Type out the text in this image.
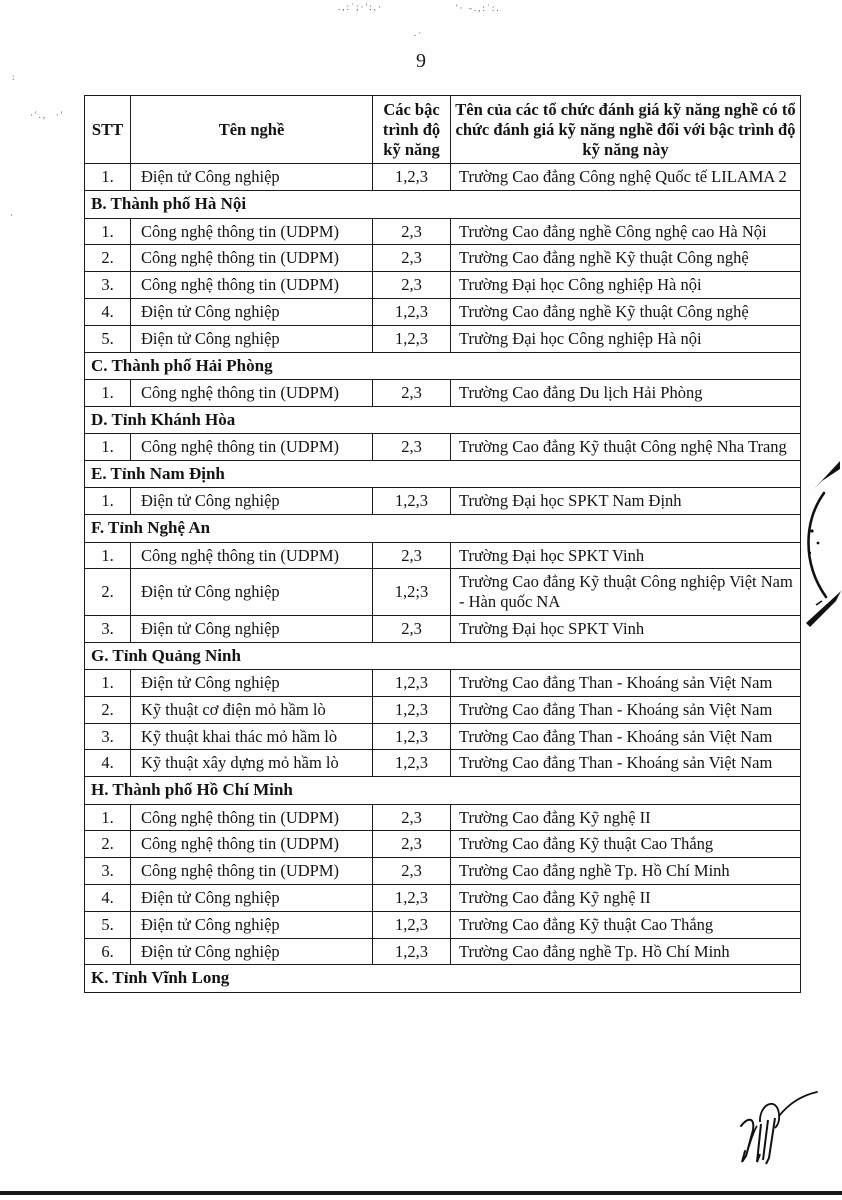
.,:˙;·':,·	'· -.,:˙:.
.·
·'.,  ·'
:
·
9
STT	Tên nghề	Các bậc trình độ kỹ năng	Tên của các tổ chức đánh giá kỹ năng nghề có tổ chức đánh giá kỹ năng nghề đối với bậc trình độ kỹ năng này
1.	Điện tử Công nghiệp	1,2,3	Trường Cao đẳng Công nghệ Quốc tế LILAMA 2
B. Thành phố Hà Nội			
1.	Công nghệ thông tin (UDPM)	2,3	Trường Cao đẳng nghề Công nghệ cao Hà Nội
2.	Công nghệ thông tin (UDPM)	2,3	Trường Cao đẳng nghề Kỹ thuật Công nghệ
3.	Công nghệ thông tin (UDPM)	2,3	Trường Đại học Công nghiệp Hà nội
4.	Điện tử Công nghiệp	1,2,3	Trường Cao đẳng nghề Kỹ thuật Công nghệ
5.	Điện tử Công nghiệp	1,2,3	Trường Đại học Công nghiệp Hà nội
C. Thành phố Hải Phòng			
1.	Công nghệ thông tin (UDPM)	2,3	Trường Cao đẳng Du lịch Hải Phòng
D. Tỉnh Khánh Hòa			
1.	Công nghệ thông tin (UDPM)	2,3	Trường Cao đẳng Kỹ thuật Công nghệ Nha Trang
E. Tỉnh Nam Định			
1.	Điện tử Công nghiệp	1,2,3	Trường Đại học SPKT Nam Định
F. Tỉnh Nghệ An			
1.	Công nghệ thông tin (UDPM)	2,3	Trường Đại học SPKT Vinh
2.	Điện tử Công nghiệp	1,2;3	Trường Cao đẳng Kỹ thuật Công nghiệp Việt Nam - Hàn quốc NA
3.	Điện tử Công nghiệp	2,3	Trường Đại học SPKT Vinh
G. Tỉnh Quảng Ninh			
1.	Điện tử Công nghiệp	1,2,3	Trường Cao đẳng Than - Khoáng sản Việt Nam
2.	Kỹ thuật cơ điện mỏ hầm lò	1,2,3	Trường Cao đẳng Than - Khoáng sản Việt Nam
3.	Kỹ thuật khai thác mỏ hầm lò	1,2,3	Trường Cao đẳng Than - Khoáng sản Việt Nam
4.	Kỹ thuật xây dựng mỏ hầm lò	1,2,3	Trường Cao đẳng Than - Khoáng sản Việt Nam
H. Thành phố Hồ Chí Minh			
1.	Công nghệ thông tin (UDPM)	2,3	Trường Cao đẳng Kỹ nghệ II
2.	Công nghệ thông tin (UDPM)	2,3	Trường Cao đẳng Kỹ thuật Cao Thắng
3.	Công nghệ thông tin (UDPM)	2,3	Trường Cao đẳng nghề Tp. Hồ Chí Minh
4.	Điện tử Công nghiệp	1,2,3	Trường Cao đẳng Kỹ nghệ II
5.	Điện tử Công nghiệp	1,2,3	Trường Cao đẳng Kỹ thuật Cao Thắng
6.	Điện tử Công nghiệp	1,2,3	Trường Cao đẳng nghề Tp. Hồ Chí Minh
K. Tỉnh Vĩnh Long			
